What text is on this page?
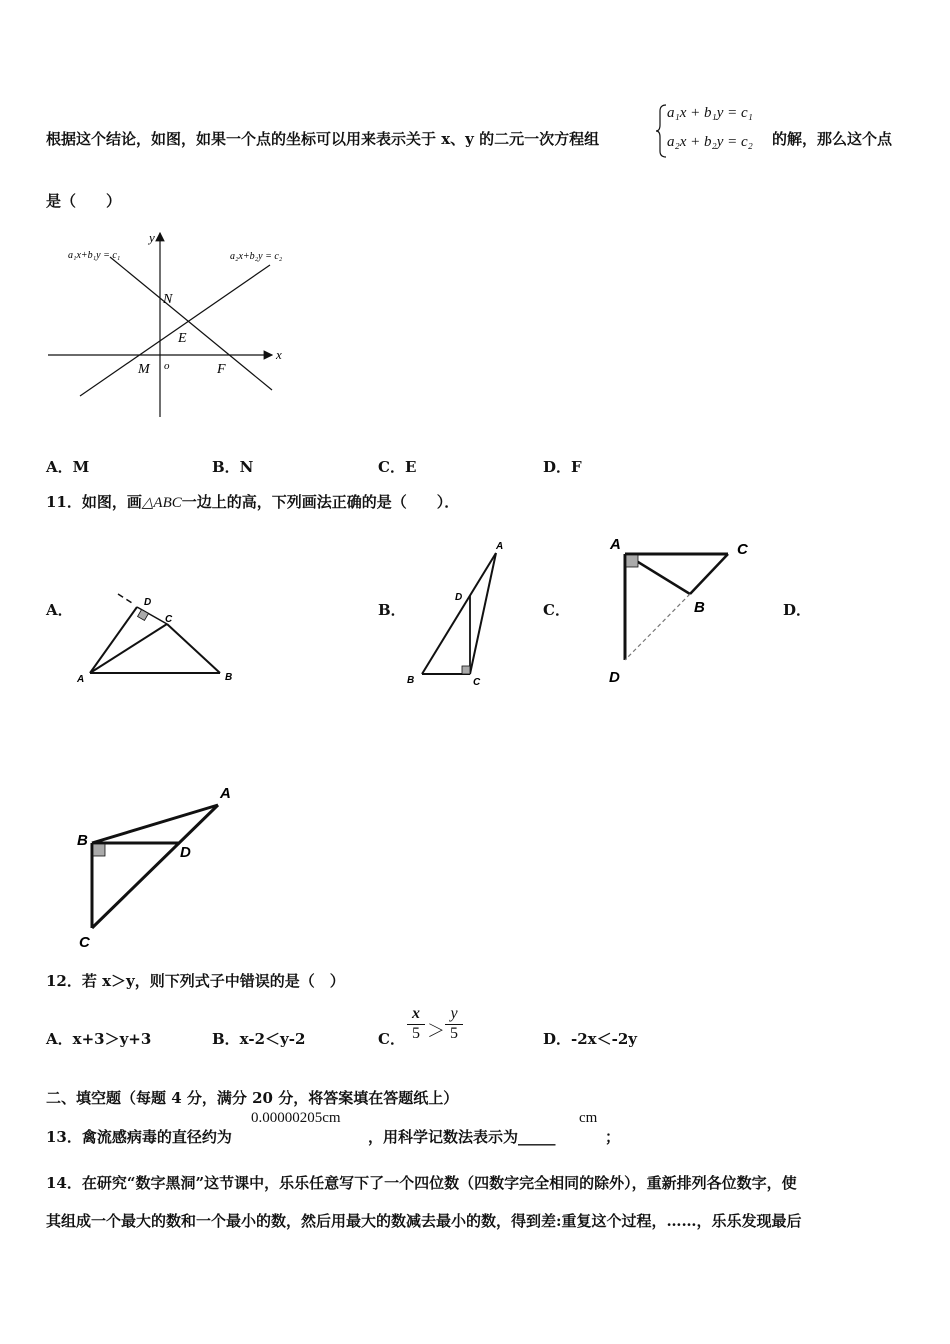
根据这个结论，如图，如果一个点的坐标可以用来表示关于 x、y 的二元一次方程组
a₁x + b₁y = c₁
a₂x + b₂y = c₂ 的解，那么这个点
是（　　）
a₁x+b₁y = c₁	a₂x+b₂y = c₂
y
x
N
E
M o	F
A．M	B．N	C．E	D．F
11．如图，画△ABC一边上的高，下列画法正确的是（　　）．
A．	B．	C．	D．
D
C
A	B
A
D
B	C
A	C
B
D
A
B
D
C
12．若 x＞y，则下列式子中错误的是（　）
A．x+3＞y+3	B．x-2＜y-2	C． $\frac{x}{5} > \frac{y}{5}$	D．-2x＜-2y
二、填空题（每题 4 分，满分 20 分，将答案填在答题纸上）
13．禽流感病毒的直径约为
0.00000205cm
，用科学记数法表示为_____
cm
；
14．在研究“数字黑洞”这节课中，乐乐任意写下了一个四位数（四数字完全相同的除外），重新排列各位数字，使
其组成一个最大的数和一个最小的数，然后用最大的数减去最小的数，得到差:重复这个过程，……，乐乐发现最后
